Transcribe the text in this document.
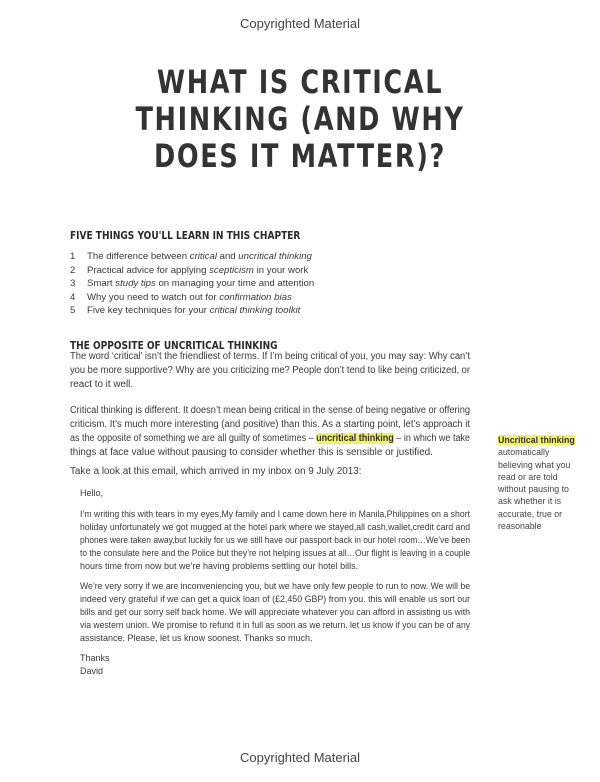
Copyrighted Material
WHAT IS CRITICAL
THINKING (AND WHY
DOES IT MATTER)?
FIVE THINGS YOU'LL LEARN IN THIS CHAPTER
1 The difference between critical and uncritical thinking
2 Practical advice for applying scepticism in your work
3 Smart study tips on managing your time and attention
4 Why you need to watch out for confirmation bias
5 Five key techniques for your critical thinking toolkit
THE OPPOSITE OF UNCRITICAL THINKING
The word ‘critical’ isn’t the friendliest of terms. If I’m being critical of you, you may say: Why can’t
you be more supportive? Why are you criticizing me? People don’t tend to like being criticized, or
react to it well.
Critical thinking is different. It doesn’t mean being critical in the sense of being negative or offering
criticism. It’s much more interesting (and positive) than this. As a starting point, let’s approach it
as the opposite of something we are all guilty of sometimes – uncritical thinking – in which we take
things at face value without pausing to consider whether this is sensible or justified.
Take a look at this email, which arrived in my inbox on 9 July 2013:
Hello,
I’m writing this with tears in my eyes,My family and I came down here in Manila,Philippines on a short
holiday unfortunately we got mugged at the hotel park where we stayed,all cash,wallet,credit card and
phones were taken away,but luckily for us we still have our passport back in our hotel room…We’ve been
to the consulate here and the Police but they’re not helping issues at all…Our flight is leaving in a couple
hours time from now but we’re having problems settling our hotel bills.
We’re very sorry if we are inconveniencing you, but we have only few people to run to now. We will be
indeed very grateful if we can get a quick loan of (£2,450 GBP) from you. this will enable us sort our
bills and get our sorry self back home. We will appreciate whatever you can afford in assisting us with
via western union. We promise to refund it in full as soon as we return. let us know if you can be of any
assistance. Please, let us know soonest. Thanks so much.
Thanks
David
Uncritical thinking
automatically
believing what you
read or are told
without pausing to
ask whether it is
accurate, true or
reasonable
Copyrighted Material
